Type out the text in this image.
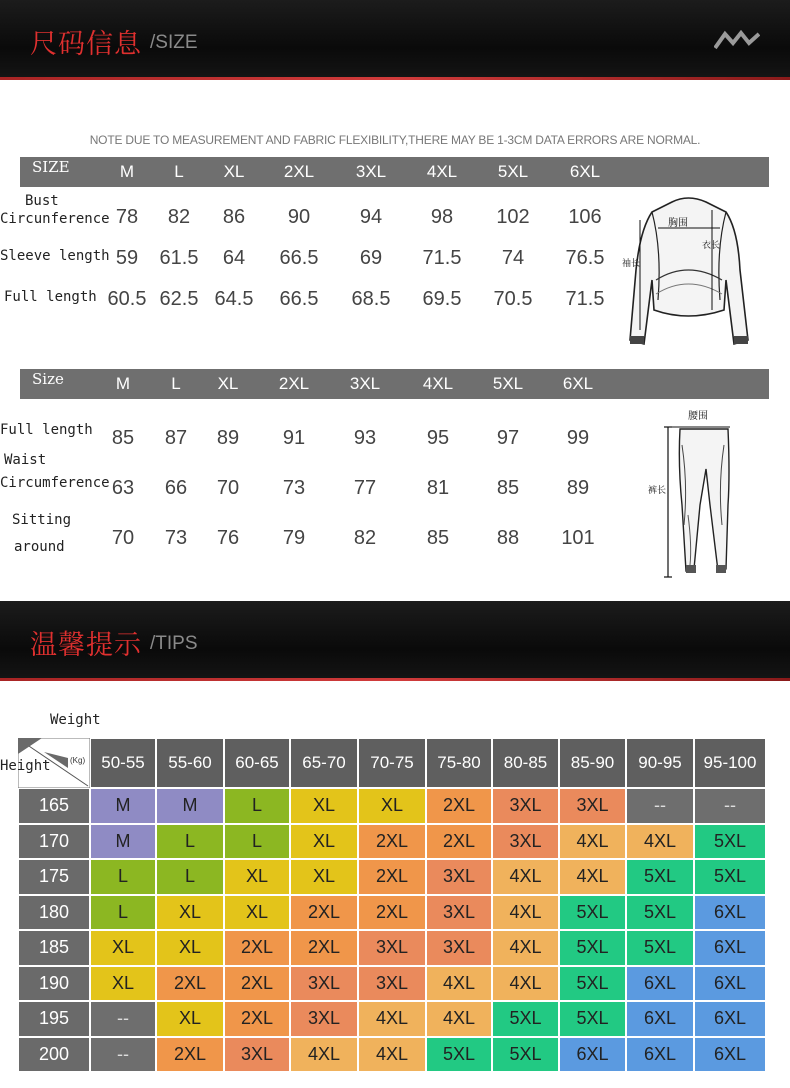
尺码信息 /SIZE
NOTE DUE TO MEASUREMENT AND FABRIC FLEXIBILITY,THERE MAY BE 1-3CM DATA ERRORS ARE NORMAL.
SIZE	M	L	XL	2XL	3XL	4XL	5XL	6XL
Bust
Circunference 78	82	86	90	94	98	102	106
Sleeve length 59	61.5	64	66.5	69	71.5	74	76.5
Full length 60.5 62.5 64.5	66.5	68.5	69.5	70.5	71.5
胸围
衣长
袖长
Size	M	L	XL	2XL	3XL	4XL	5XL	6XL
Full length 85	87	89	91	93	95	97	99
Waist
Circumference 63	66	70	73	77	81	85	89
Sitting
around	70	73	76	79	82	85	88	101
腰围
裤长
温馨提示 /TIPS
Weight
Height (Kg) 50-55	55-60	60-65	65-70	70-75	75-80	80-85	85-90	90-95	95-100
165	M	M	L	XL	XL	2XL	3XL	3XL	--	--
170	M	L	L	XL	2XL	2XL	3XL	4XL	4XL	5XL
175	L	L	XL	XL	2XL	3XL	4XL	4XL	5XL	5XL
180	L	XL	XL	2XL	2XL	3XL	4XL	5XL	5XL	6XL
185	XL	XL	2XL	2XL	3XL	3XL	4XL	5XL	5XL	6XL
190	XL	2XL	2XL	3XL	3XL	4XL	4XL	5XL	6XL	6XL
195	--	XL	2XL	3XL	4XL	4XL	5XL	5XL	6XL	6XL
200	--	2XL	3XL	4XL	4XL	5XL	5XL	6XL	6XL	6XL
